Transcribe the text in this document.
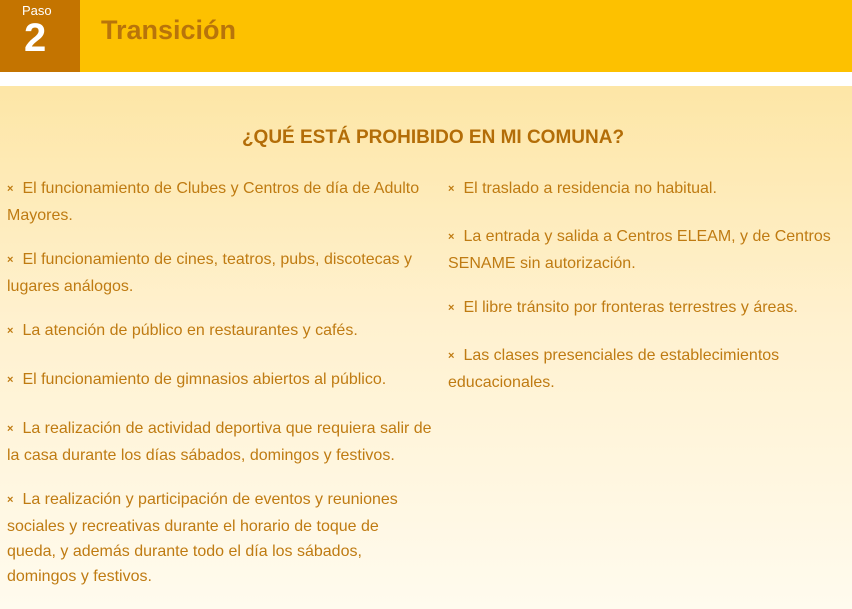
Paso
2 Transición
¿QUÉ ESTÁ PROHIBIDO EN MI COMUNA?
× El funcionamiento de Clubes y Centros de día de Adulto Mayores.
× El funcionamiento de cines, teatros, pubs, discotecas y lugares análogos.
× La atención de público en restaurantes y cafés.
× El funcionamiento de gimnasios abiertos al público.
× La realización de actividad deportiva que requiera salir de la casa durante los días sábados, domingos y festivos.
× La realización y participación de eventos y reuniones sociales y recreativas durante el horario de toque de queda, y además durante todo el día los sábados, domingos y festivos.
× El traslado a residencia no habitual.
× La entrada y salida a Centros ELEAM, y de Centros SENAME sin autorización.
× El libre tránsito por fronteras terrestres y áreas.
× Las clases presenciales de establecimientos educacionales.
